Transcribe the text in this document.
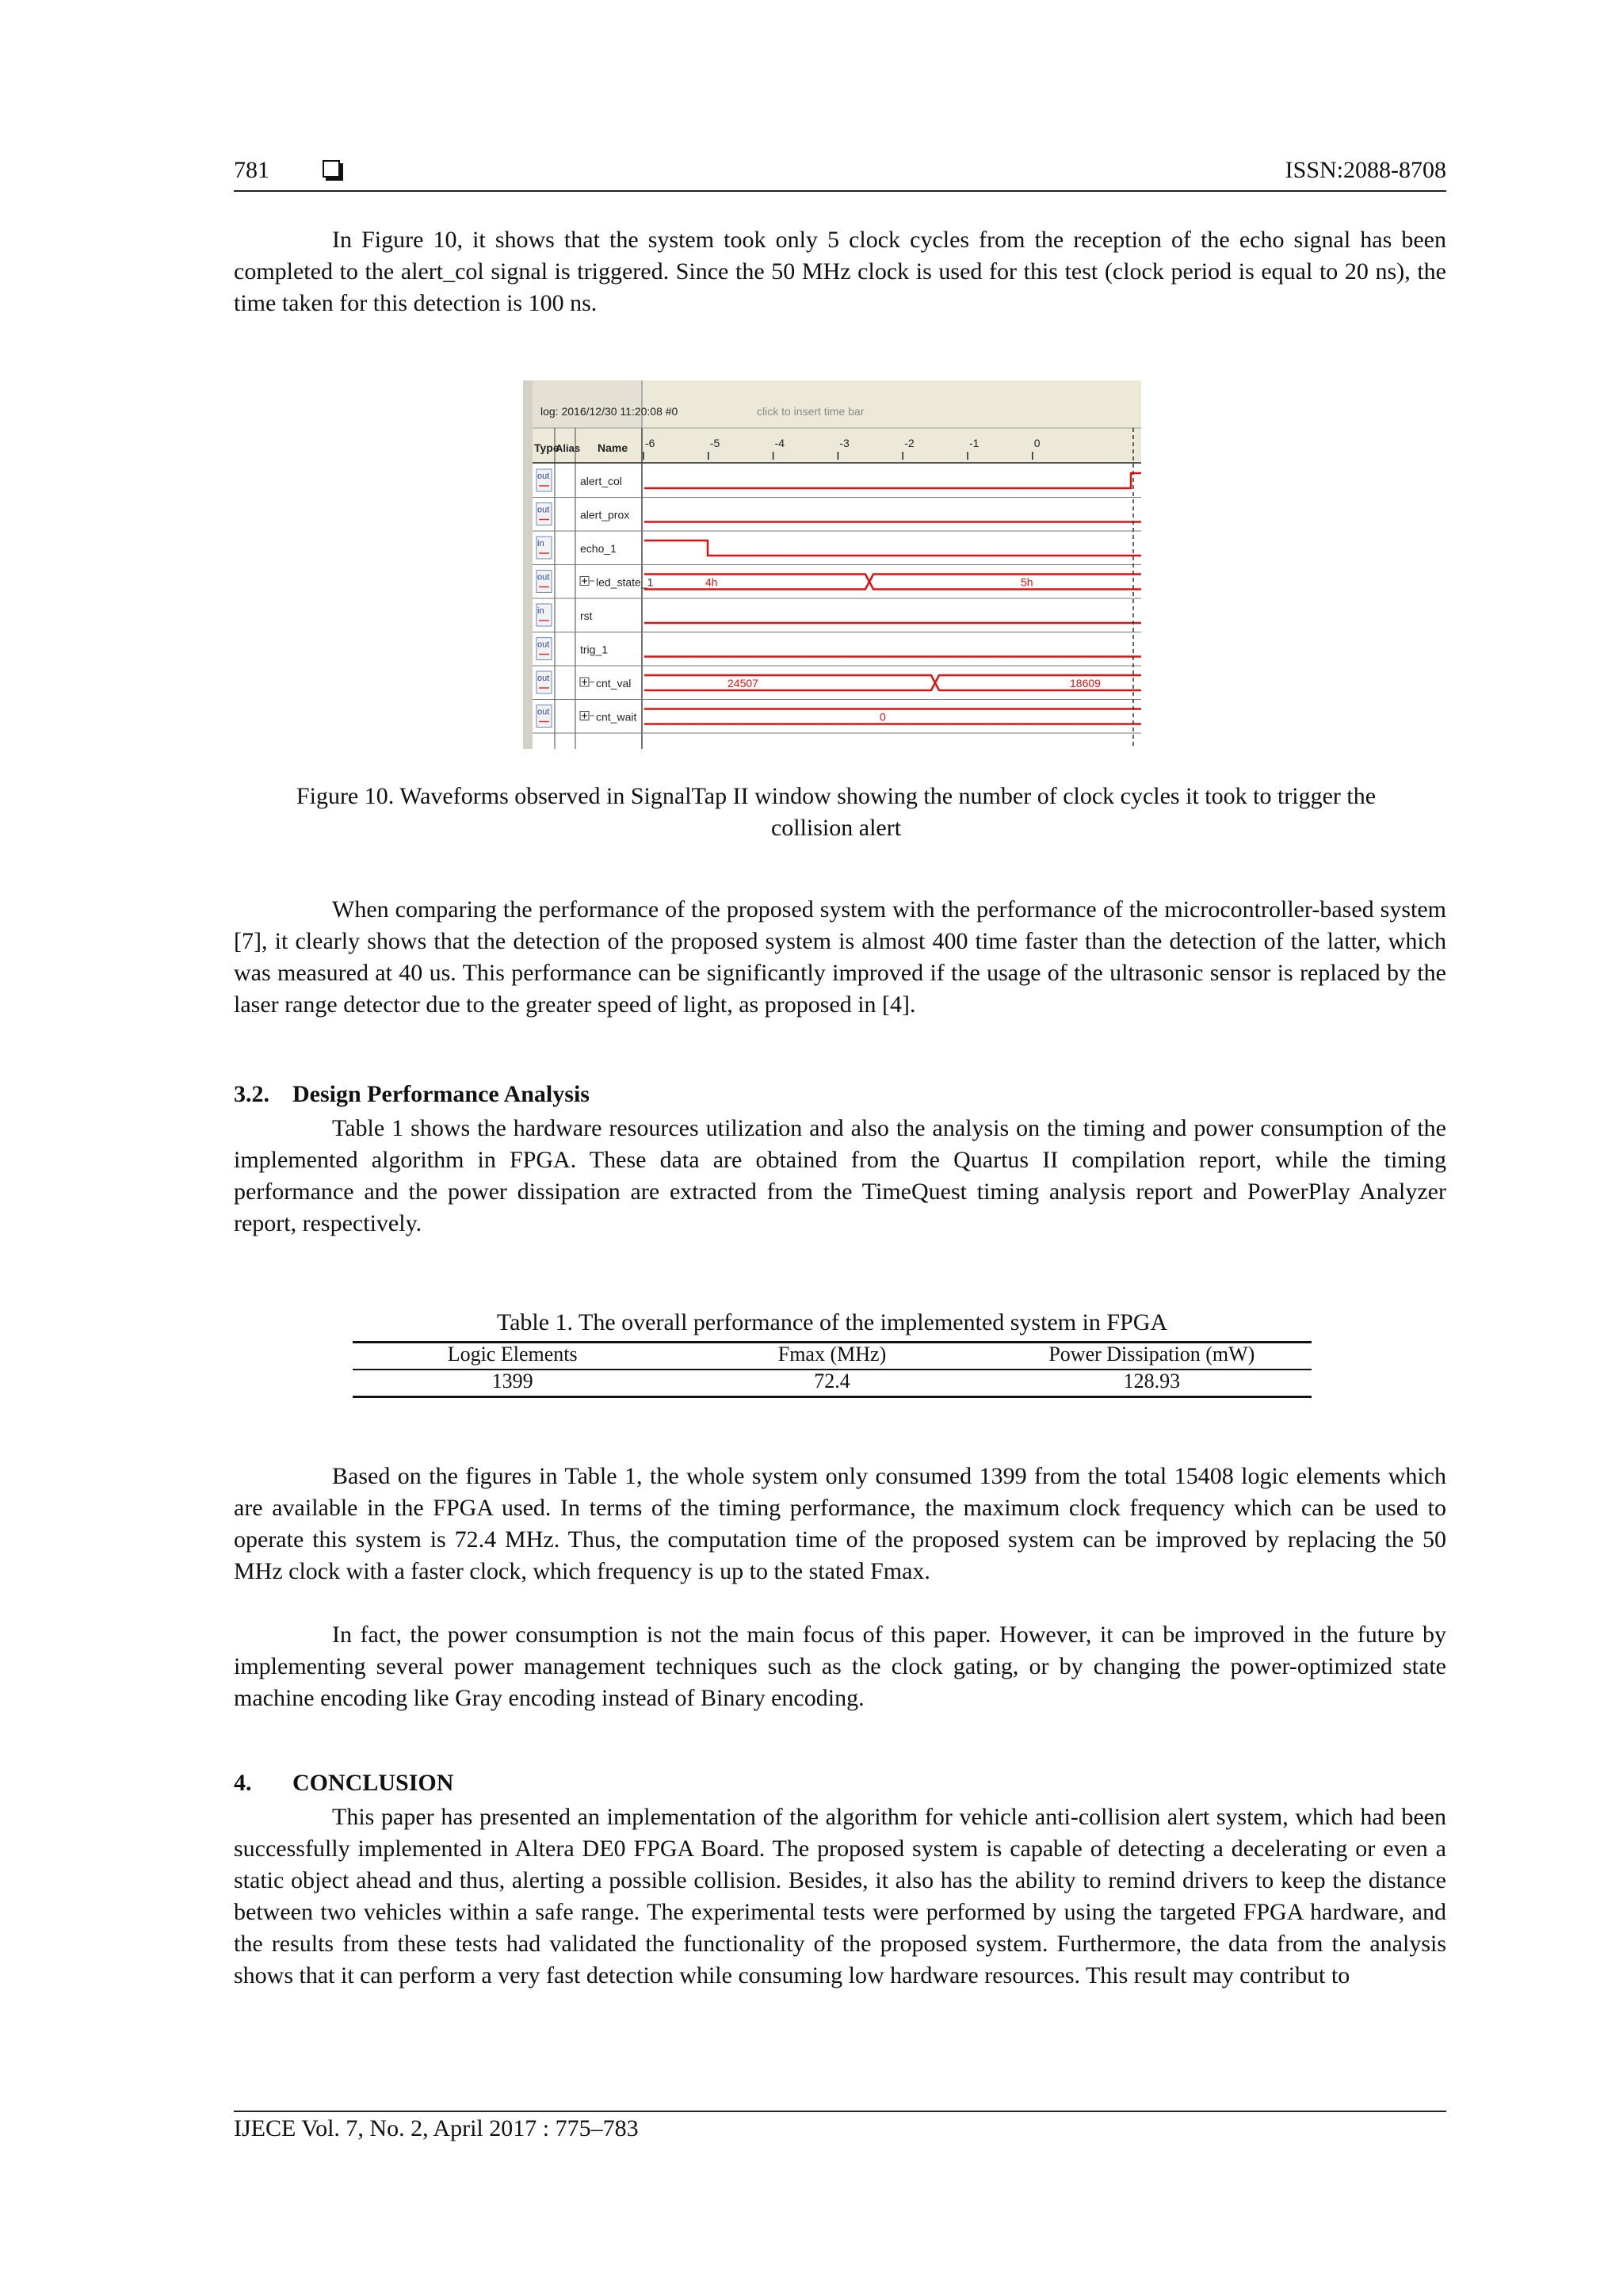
781	ISSN:2088-8708

In Figure 10, it shows that the system took only 5 clock cycles from the reception of the echo signal has been completed to the alert_col signal is triggered. Since the 50 MHz clock is used for this test (clock period is equal to 20 ns), the time taken for this detection is 100 ns.

log: 2016/12/30 11:20:08 #0	click to insert time bar
Type
Alias Name -6	-5	-4	-3	-2	-1	0
out	alert_col
out	alert_prox
in	echo_1
out	led_state_1	4h	5h
in	rst
out	trig_1
out	cnt_val	24507	18609
out	cnt_wait	0
Figure 10. Waveforms observed in SignalTap II window showing the number of clock cycles it took to trigger the collision alert

When comparing the performance of the proposed system with the performance of the microcontroller-based system [7], it clearly shows that the detection of the proposed system is almost 400 time faster than the detection of the latter, which was measured at 40 us. This performance can be significantly improved if the usage of the ultrasonic sensor is replaced by the laser range detector due to the greater speed of light, as proposed in [4].

3.2. Design Performance Analysis

Table 1 shows the hardware resources utilization and also the analysis on the timing and power consumption of the implemented algorithm in FPGA. These data are obtained from the Quartus II compilation report, while the timing performance and the power dissipation are extracted from the TimeQuest timing analysis report and PowerPlay Analyzer report, respectively.

Table 1. The overall performance of the implemented system in FPGA
Logic Elements	Fmax (MHz)	Power Dissipation (mW)
1399	72.4	128.93

Based on the figures in Table 1, the whole system only consumed 1399 from the total 15408 logic elements which are available in the FPGA used. In terms of the timing performance, the maximum clock frequency which can be used to operate this system is 72.4 MHz. Thus, the computation time of the proposed system can be improved by replacing the 50 MHz clock with a faster clock, which frequency is up to the stated Fmax.

In fact, the power consumption is not the main focus of this paper. However, it can be improved in the future by implementing several power management techniques such as the clock gating, or by changing the power-optimized state machine encoding like Gray encoding instead of Binary encoding.

4. CONCLUSION

This paper has presented an implementation of the algorithm for vehicle anti-collision alert system, which had been successfully implemented in Altera DE0 FPGA Board. The proposed system is capable of detecting a decelerating or even a static object ahead and thus, alerting a possible collision. Besides, it also has the ability to remind drivers to keep the distance between two vehicles within a safe range. The experimental tests were performed by using the targeted FPGA hardware, and the results from these tests had validated the functionality of the proposed system. Furthermore, the data from the analysis shows that it can perform a very fast detection while consuming low hardware resources. This result may contribut to

IJECE Vol. 7, No. 2, April 2017 : 775–783
